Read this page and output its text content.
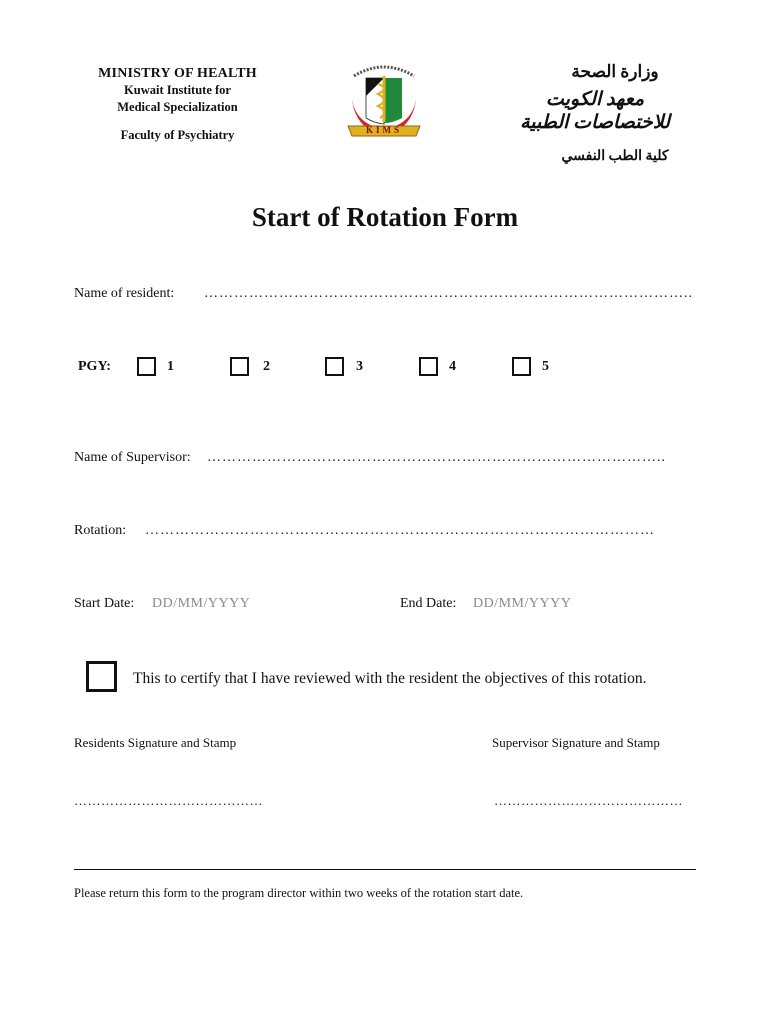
MINISTRY OF HEALTH
Kuwait Institute for
Medical Specialization
Faculty of Psychiatry	KIMS
وزارة الصحة
معهد الكويت للاختصاصات الطبية
كلية الطب النفسي
Start of Rotation Form
Name of resident: ……………………………………………………………………………………..
PGY:	1	2	3	4	5
Name of Supervisor: ………………………………………………………………………………..
Rotation: …………………………………………………………………………………………
Start Date: DD/MM/YYYY	End Date: DD/MM/YYYY
This to certify that I have reviewed with the resident the objectives of this rotation.
Residents Signature and Stamp	Supervisor Signature and Stamp
……………………………………	……………………………………
Please return this form to the program director within two weeks of the rotation start date.
